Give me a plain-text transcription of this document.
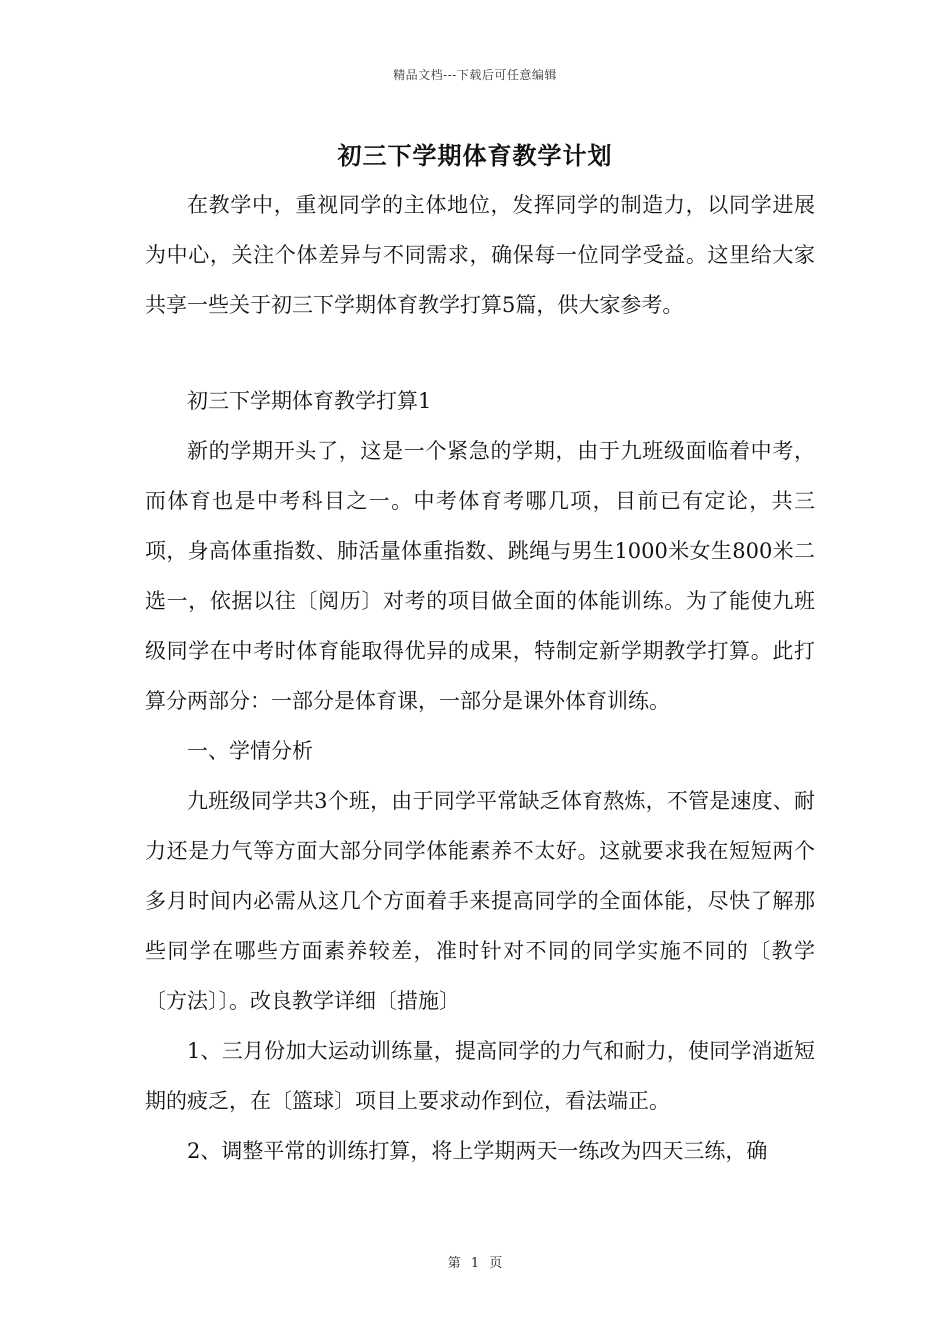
精品文档---下载后可任意编辑
初三下学期体育教学计划

在教学中，重视同学的主体地位，发挥同学的制造力，以同学进展为中心，关注个体差异与不同需求，确保每一位同学受益。这里给大家共享一些关于初三下学期体育教学打算5篇，供大家参考。

初三下学期体育教学打算1

新的学期开头了，这是一个紧急的学期，由于九班级面临着中考，而体育也是中考科目之一。中考体育考哪几项，目前已有定论，共三项，身高体重指数、肺活量体重指数、跳绳与男生1000米女生800米二选一，依据以往〔阅历〕对考的项目做全面的体能训练。为了能使九班级同学在中考时体育能取得优异的成果，特制定新学期教学打算。此打算分两部分：一部分是体育课，一部分是课外体育训练。

一、学情分析

九班级同学共3个班，由于同学平常缺乏体育熬炼，不管是速度、耐力还是力气等方面大部分同学体能素养不太好。这就要求我在短短两个多月时间内必需从这几个方面着手来提高同学的全面体能，尽快了解那些同学在哪些方面素养较差，准时针对不同的同学实施不同的〔教学〔方法〕〕。改良教学详细〔措施〕

1、三月份加大运动训练量，提高同学的力气和耐力，使同学消逝短期的疲乏，在〔篮球〕项目上要求动作到位，看法端正。

2、调整平常的训练打算，将上学期两天一练改为四天三练，确

第 1 页
